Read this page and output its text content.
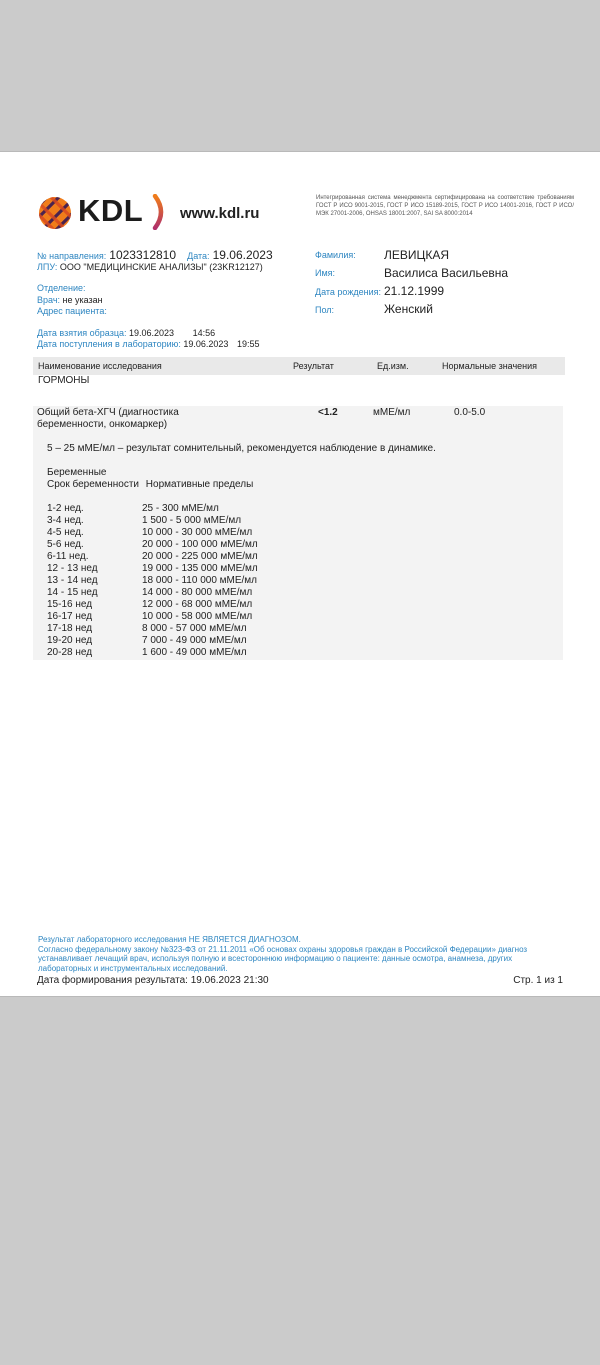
KDL www.kdl.ru
Интегрированная система менеджмента сертифицирована на соответствие требованиям ГОСТ Р ИСО 9001-2015, ГОСТ Р ИСО 15189-2015, ГОСТ Р ИСО 14001-2016, ГОСТ Р ИСО/МЭК 27001-2006, OHSAS 18001:2007, SAI SA 8000:2014
№ направления: 1023312810 Дата: 19.06.2023
ЛПУ: ООО "МЕДИЦИНСКИЕ АНАЛИЗЫ" (23KR12127)
Отделение:
Врач: не указан
Адрес пациента:
Дата взятия образца: 19.06.2023 14:56
Дата поступления в лабораторию: 19.06.2023 19:55
Фамилия: ЛЕВИЦКАЯ
Имя:	Василиса Васильевна
Дата рождения: 21.12.1999
Пол:	Женский
Наименование исследования	Результат	Ед.изм.	Нормальные значения
ГОРМОНЫ
Общий бета-ХГЧ (диагностика
беременности, онкомаркер)
<1.2	мМЕ/мл	0.0-5.0
5 – 25 мМЕ/мл – результат сомнительный, рекомендуется наблюдение в динамике.
Беременные
Срок беременности Нормативные пределы
1-2 нед.	25 - 300 мМЕ/мл
3-4 нед.	1 500 - 5 000 мМЕ/мл
4-5 нед.	10 000 - 30 000 мМЕ/мл
5-6 нед.	20 000 - 100 000 мМЕ/мл
6-11 нед.	20 000 - 225 000 мМЕ/мл
12 - 13 нед	19 000 - 135 000 мМЕ/мл
13 - 14 нед	18 000 - 110 000 мМЕ/мл
14 - 15 нед	14 000 - 80 000 мМЕ/мл
15-16 нед	12 000 - 68 000 мМЕ/мл
16-17 нед	10 000 - 58 000 мМЕ/мл
17-18 нед	8 000 - 57 000 мМЕ/мл
19-20 нед	7 000 - 49 000 мМЕ/мл
20-28 нед	1 600 - 49 000 мМЕ/мл
Результат лабораторного исследования НЕ ЯВЛЯЕТСЯ ДИАГНОЗОМ.
Согласно федеральному закону №323-ФЗ от 21.11.2011 «Об основах охраны здоровья граждан в Российской Федерации» диагноз устанавливает лечащий врач, используя полную и всестороннюю информацию о пациенте: данные осмотра, анамнеза, других лабораторных и инструментальных исследований.
Дата формирования результата: 19.06.2023 21:30	Стр. 1 из 1
